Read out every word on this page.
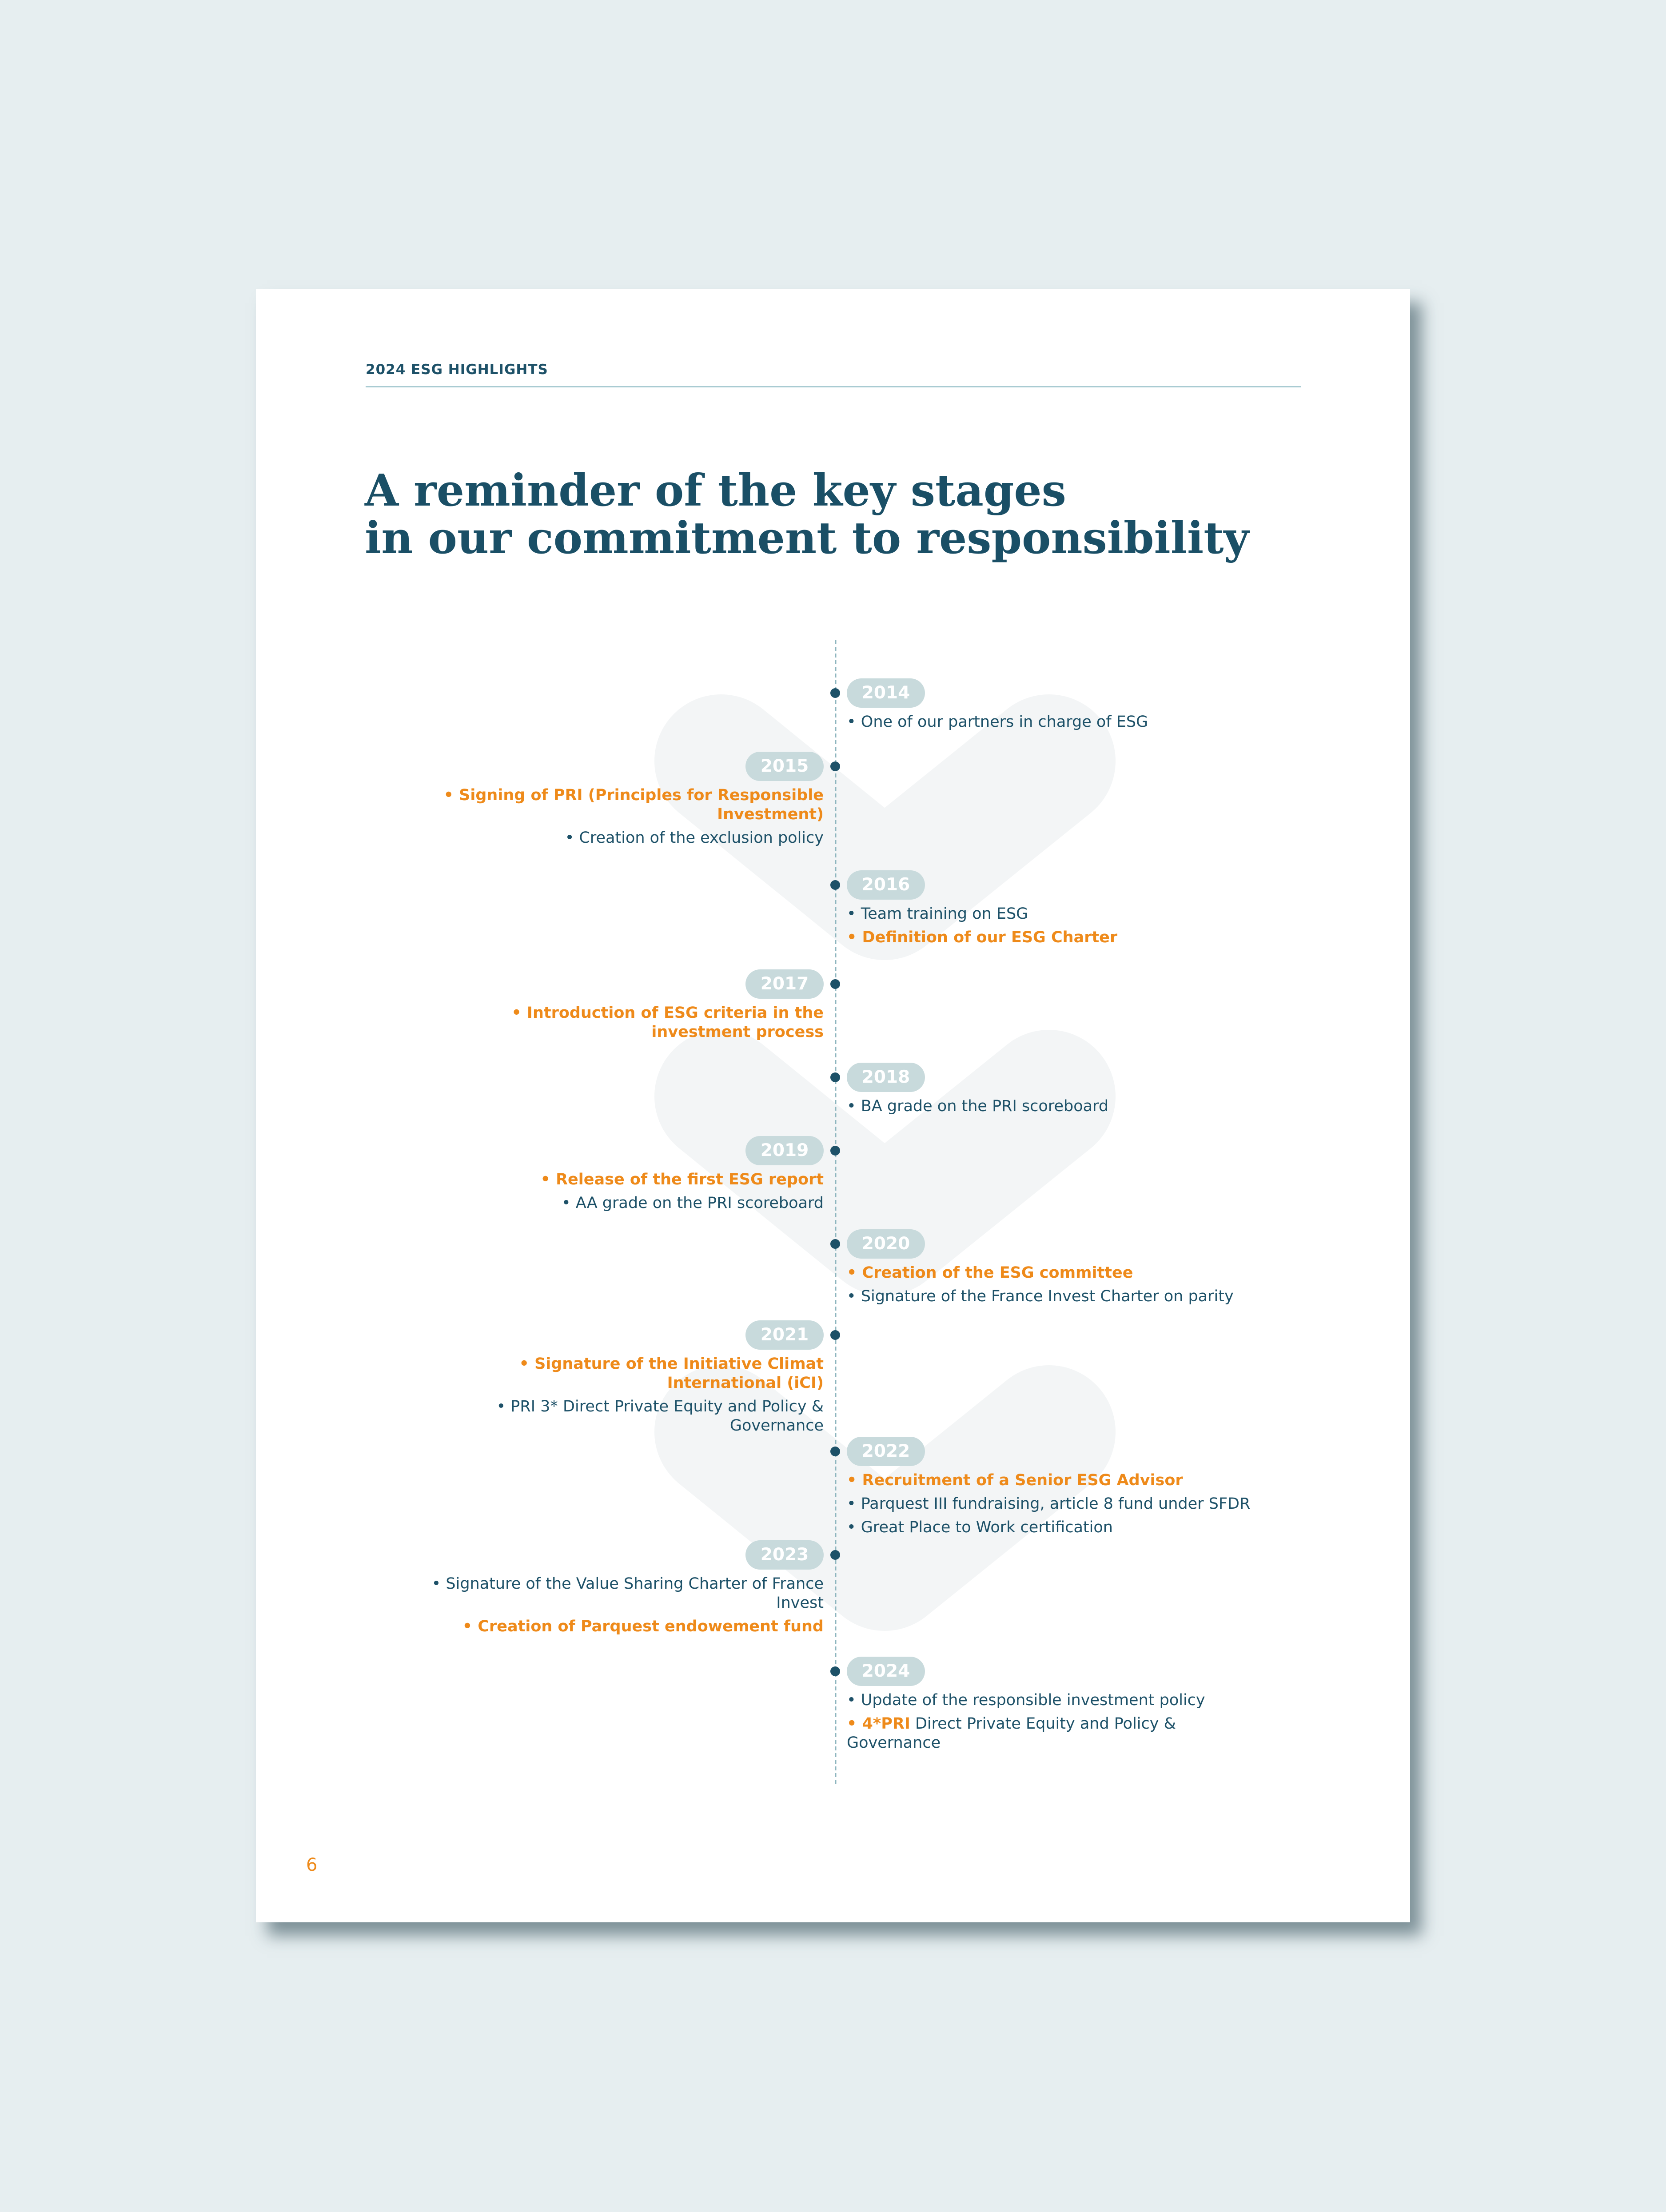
2024 ESG HIGHLIGHTS
A reminder of the key stages
in our commitment to responsibility
2014
• One of our partners in charge of ESG
2015
• Signing of PRI (Principles for Responsible Investment)
• Creation of the exclusion policy
2016
• Team training on ESG
• Definition of our ESG Charter
2017
• Introduction of ESG criteria in the investment process
2018
• BA grade on the PRI scoreboard
2019
• Release of the first ESG report
• AA grade on the PRI scoreboard
2020
• Creation of the ESG committee
• Signature of the France Invest Charter on parity
2021
• Signature of the Initiative Climat International (iCI)
• PRI 3* Direct Private Equity and Policy & Governance
2022
• Recruitment of a Senior ESG Advisor
• Parquest III fundraising, article 8 fund under SFDR
• Great Place to Work certification
2023
• Signature of the Value Sharing Charter of France Invest
• Creation of Parquest endowement fund
2024
• Update of the responsible investment policy
• 4*PRI Direct Private Equity and Policy & Governance
6
